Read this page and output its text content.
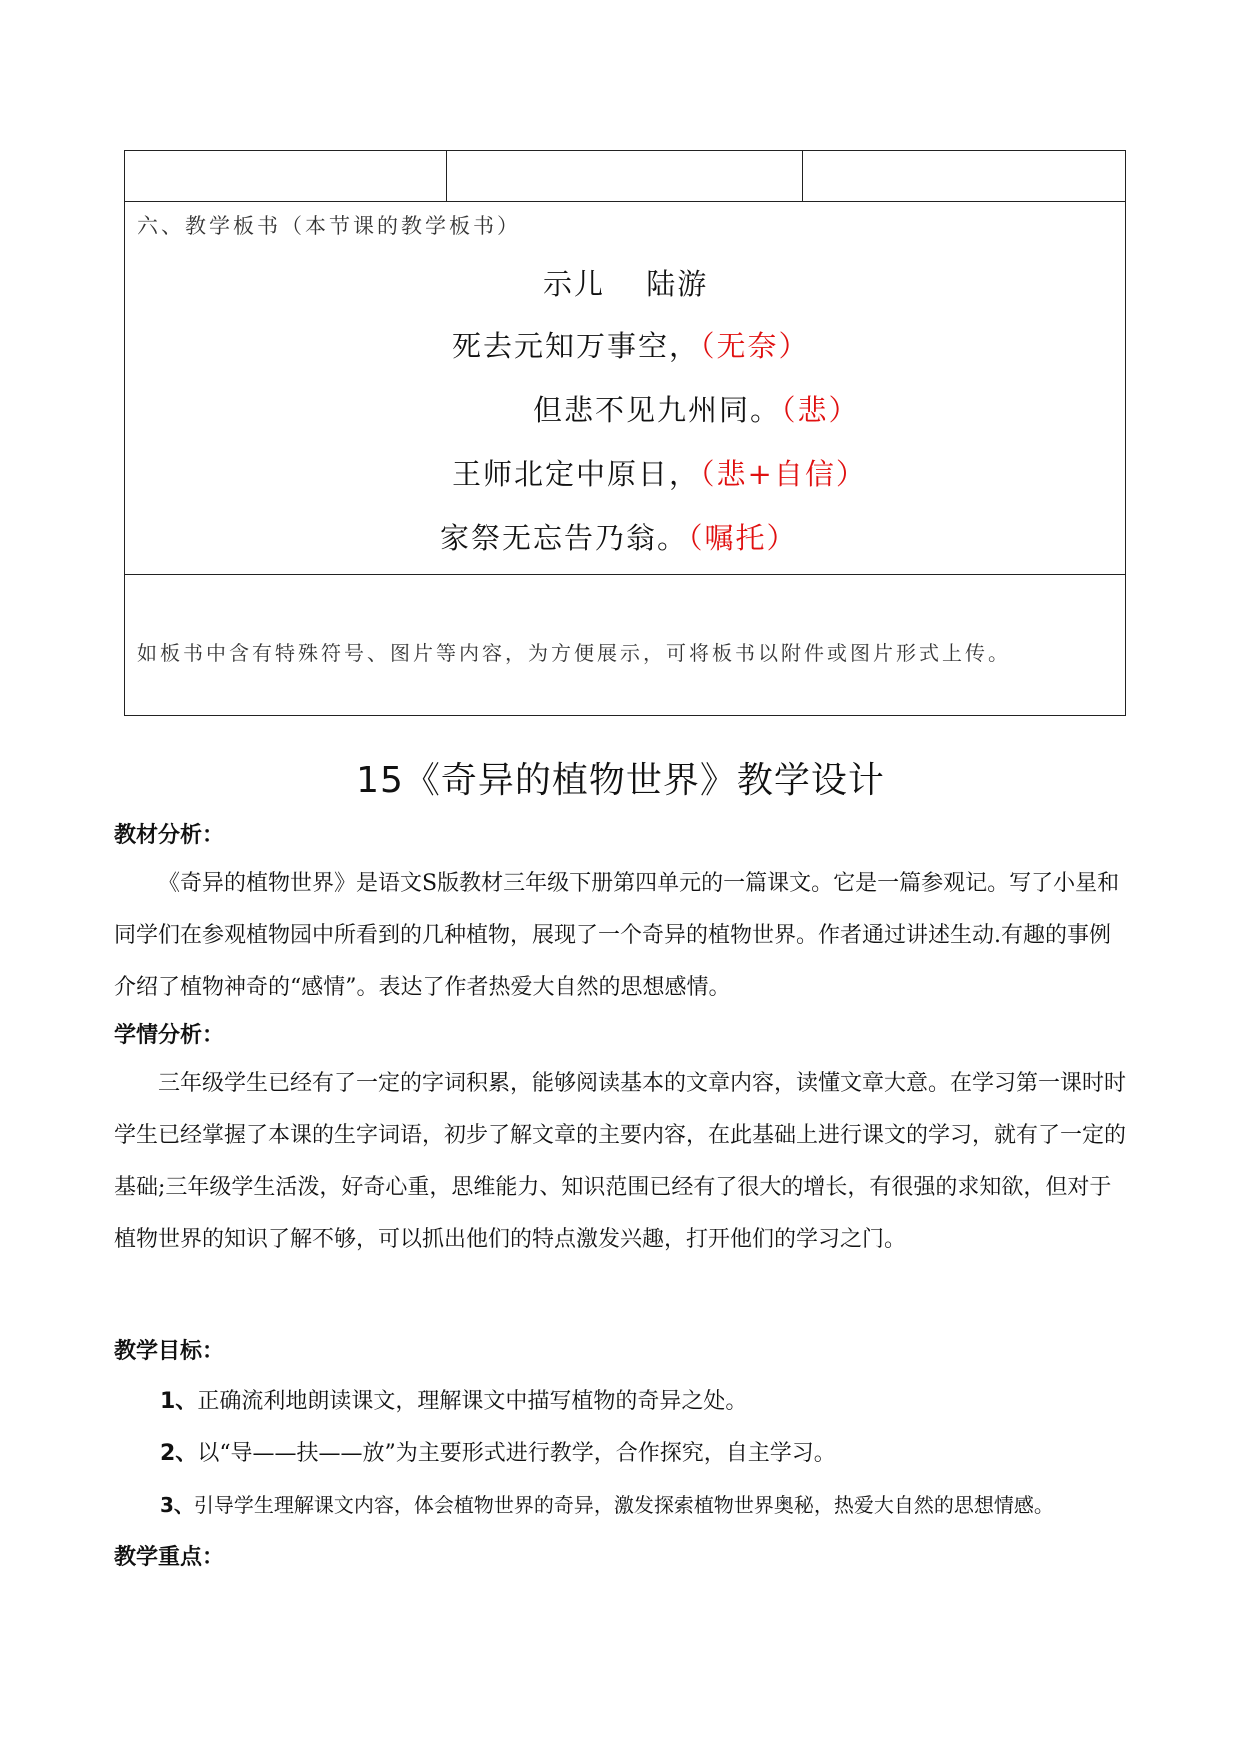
六、教学板书（本节课的教学板书）
示儿 陆游
死去元知万事空，（无奈）
但悲不见九州同。（悲）
王师北定中原日，（悲+自信）
家祭无忘告乃翁。（嘱托）
如板书中含有特殊符号、图片等内容，为方便展示，可将板书以附件或图片形式上传。
15《奇异的植物世界》教学设计
教材分析：

《奇异的植物世界》是语文S版教材三年级下册第四单元的一篇课文。它是一篇参观记。写了小星和同学们在参观植物园中所看到的几种植物，展现了一个奇异的植物世界。作者通过讲述生动.有趣的事例介绍了植物神奇的“感情”。表达了作者热爱大自然的思想感情。

学情分析：

三年级学生已经有了一定的字词积累，能够阅读基本的文章内容，读懂文章大意。在学习第一课时时学生已经掌握了本课的生字词语，初步了解文章的主要内容，在此基础上进行课文的学习，就有了一定的基础;三年级学生活泼，好奇心重，思维能力、知识范围已经有了很大的增长，有很强的求知欲，但对于植物世界的知识了解不够，可以抓出他们的特点激发兴趣，打开他们的学习之门。

教学目标：
1、正确流利地朗读课文，理解课文中描写植物的奇异之处。
2、以“导——扶——放”为主要形式进行教学，合作探究，自主学习。
3、引导学生理解课文内容，体会植物世界的奇异，激发探索植物世界奥秘，热爱大自然的思想情感。
教学重点：
